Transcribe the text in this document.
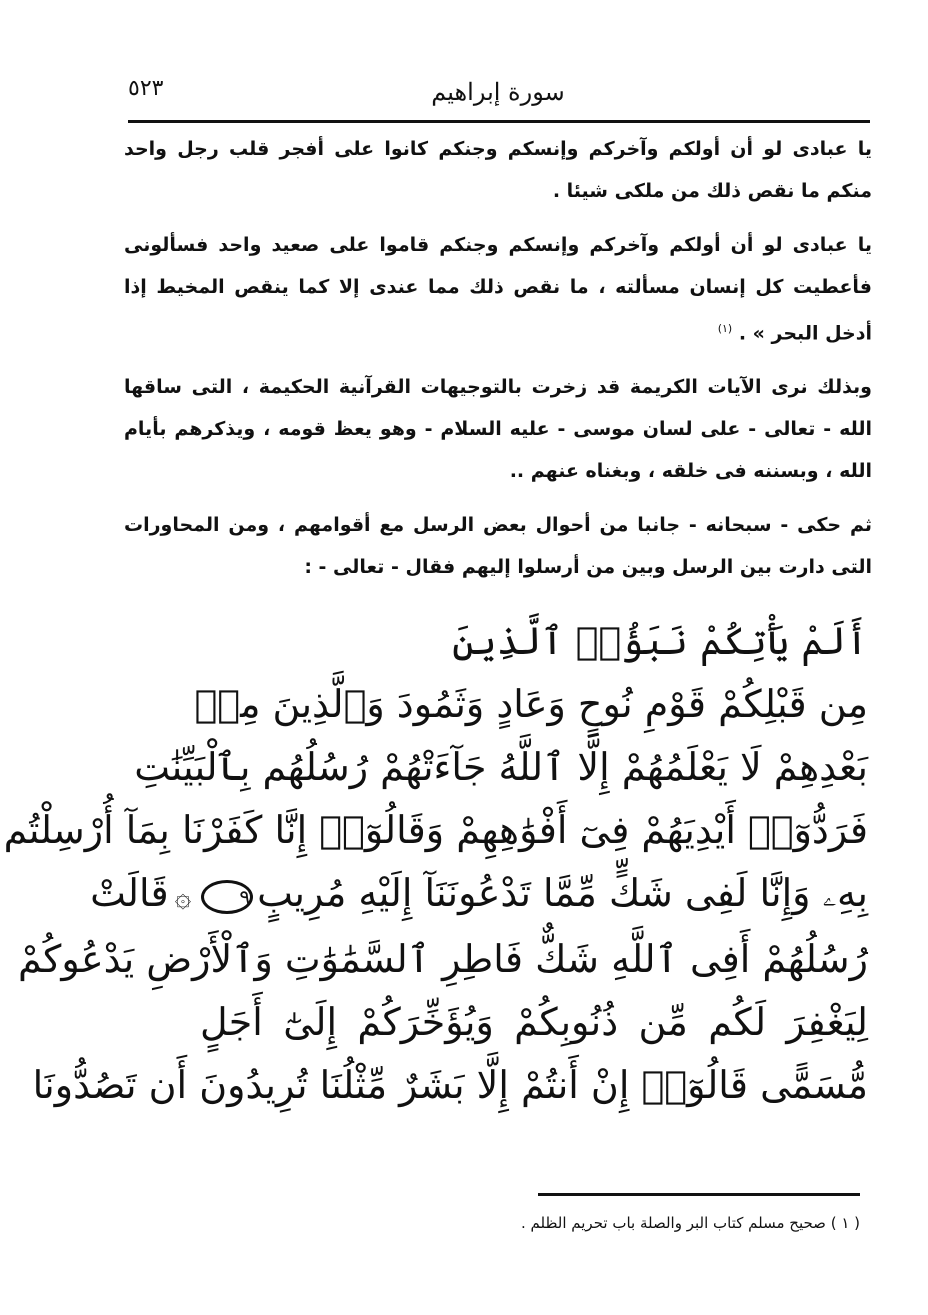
٥٢٣	سورة إبراهيم

يا عبادى لو أن أولكم وآخركم وإنسكم وجنكم كانوا على أفجر قلب رجل واحد منكم ما نقص ذلك من ملكى شيئا .

يا عبادى لو أن أولكم وآخركم وإنسكم وجنكم قاموا على صعيد واحد فسألونى فأعطيت كل إنسان مسألته ، ما نقص ذلك مما عندى إلا كما ينقص المخيط إذا أدخل البحر » . $^{(١)}$

وبذلك نرى الآيات الكريمة قد زخرت بالتوجيهات القرآنية الحكيمة ، التى ساقها الله - تعالى - على لسان موسى - عليه السلام - وهو يعظ قومه ، ويذكرهم بأيام الله ، وبسننه فى خلقه ، وبغناه عنهم ..

ثم حكى - سبحانه - جانبا من أحوال بعض الرسل مع أقوامهم ، ومن المحاورات التى دارت بين الرسل وبين من أرسلوا إليهم فقال - تعالى - :

أَلَمْ يَأْتِكُمْ نَبَؤُا۟ ٱلَّذِينَ
مِن قَبْلِكُمْ قَوْمِ نُوحٍ وَعَادٍ وَثَمُودَ وَٱلَّذِينَ مِنۢ
بَعْدِهِمْ لَا يَعْلَمُهُمْ إِلَّا ٱللَّهُ جَآءَتْهُمْ رُسُلُهُم بِٱلْبَيِّنَٰتِ
فَرَدُّوٓا۟ أَيْدِيَهُمْ فِىٓ أَفْوَٰهِهِمْ وَقَالُوٓا۟ إِنَّا كَفَرْنَا بِمَآ أُرْسِلْتُم
بِهِۦ وَإِنَّا لَفِى شَكٍّ مِّمَّا تَدْعُونَنَآ إِلَيْهِ مُرِيبٍ٩۞قَالَتْ
رُسُلُهُمْ أَفِى ٱللَّهِ شَكٌّ فَاطِرِ ٱلسَّمَٰوَٰتِ وَٱلْأَرْضِ يَدْعُوكُمْ
لِيَغْفِرَ لَكُم مِّن ذُنُوبِكُمْ وَيُؤَخِّرَكُمْ إِلَىٰٓ أَجَلٍ
مُّسَمًّى قَالُوٓا۟ إِنْ أَنتُمْ إِلَّا بَشَرٌ مِّثْلُنَا تُرِيدُونَ أَن تَصُدُّونَا
( ١ ) صحيح مسلم كتاب البر والصلة باب تحريم الظلم .
